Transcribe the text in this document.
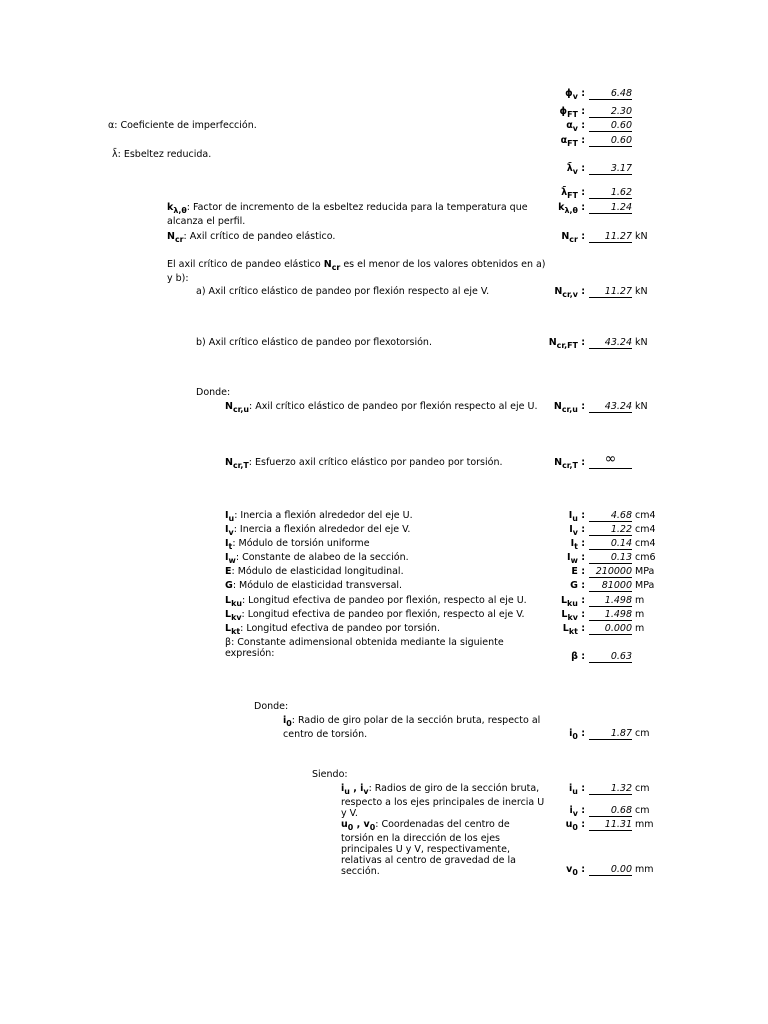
$\phi_v$ :	6.48
$\phi_{FT}$ :	2.30
α: Coeficiente de imperfección.	$\alpha_v$ :	0.60
$\alpha_{FT}$ :	0.60
λ̄: Esbeltez reducida.
$\lambdā_v$ :	3.17
$\lambdā_{FT}$ :	1.62
$k_{\lambda,\theta}$: Factor de incremento de la esbeltez reducida para la temperatura que alcanza el perfil.
$k_{\lambda,\theta}$ :	1.24
$N_{cr}$: Axil crítico de pandeo elástico.	$N_{cr}$ :	11.27 kN
El axil crítico de pandeo elástico $N_{cr}$ es el menor de los valores obtenidos en a) y b):
a) Axil crítico elástico de pandeo por flexión respecto al eje V.	$N_{cr,v}$ :	11.27 kN
b) Axil crítico elástico de pandeo por flexotorsión.	$N_{cr,FT}$ :	43.24 kN
Donde:
$N_{cr,u}$: Axil crítico elástico de pandeo por flexión respecto al eje U.	$N_{cr,u}$ :	43.24 kN
$N_{cr,T}$: Esfuerzo axil crítico elástico por pandeo por torsión.	$N_{cr,T}$ :	∞
$I_u$: Inercia a flexión alrededor del eje U.	$I_u$ :	4.68 cm4
$I_v$: Inercia a flexión alrededor del eje V.	$I_v$ :	1.22 cm4
$I_t$: Módulo de torsión uniforme	$I_t$ :	0.14 cm4
$I_w$: Constante de alabeo de la sección.	$I_w$ :	0.13 cm6
E: Módulo de elasticidad longitudinal.	E :	210000 MPa
G: Módulo de elasticidad transversal.	G :	81000 MPa
$L_{ku}$: Longitud efectiva de pandeo por flexión, respecto al eje U.	$L_{ku}$ :	1.498 m
$L_{kv}$: Longitud efectiva de pandeo por flexión, respecto al eje V.	$L_{kv}$ :	1.498 m
$L_{kt}$: Longitud efectiva de pandeo por torsión.	$L_{kt}$ :	0.000 m
β: Constante adimensional obtenida mediante la siguiente expresión:	β :	0.63
Donde:
$i_0$: Radio de giro polar de la sección bruta, respecto al centro de torsión.	$i_0$ :	1.87 cm
Siendo:
$i_u$ , $i_v$: Radios de giro de la sección bruta, respecto a los ejes principales de inercia U y V.
$i_u$ :	1.32 cm
$i_v$ :	0.68 cm
$u_0$ , $v_0$: Coordenadas del centro de torsión en la dirección de los ejes principales U y V, respectivamente, relativas al centro de gravedad de la sección.
$u_0$ :	11.31 mm
$v_0$ :	0.00 mm
